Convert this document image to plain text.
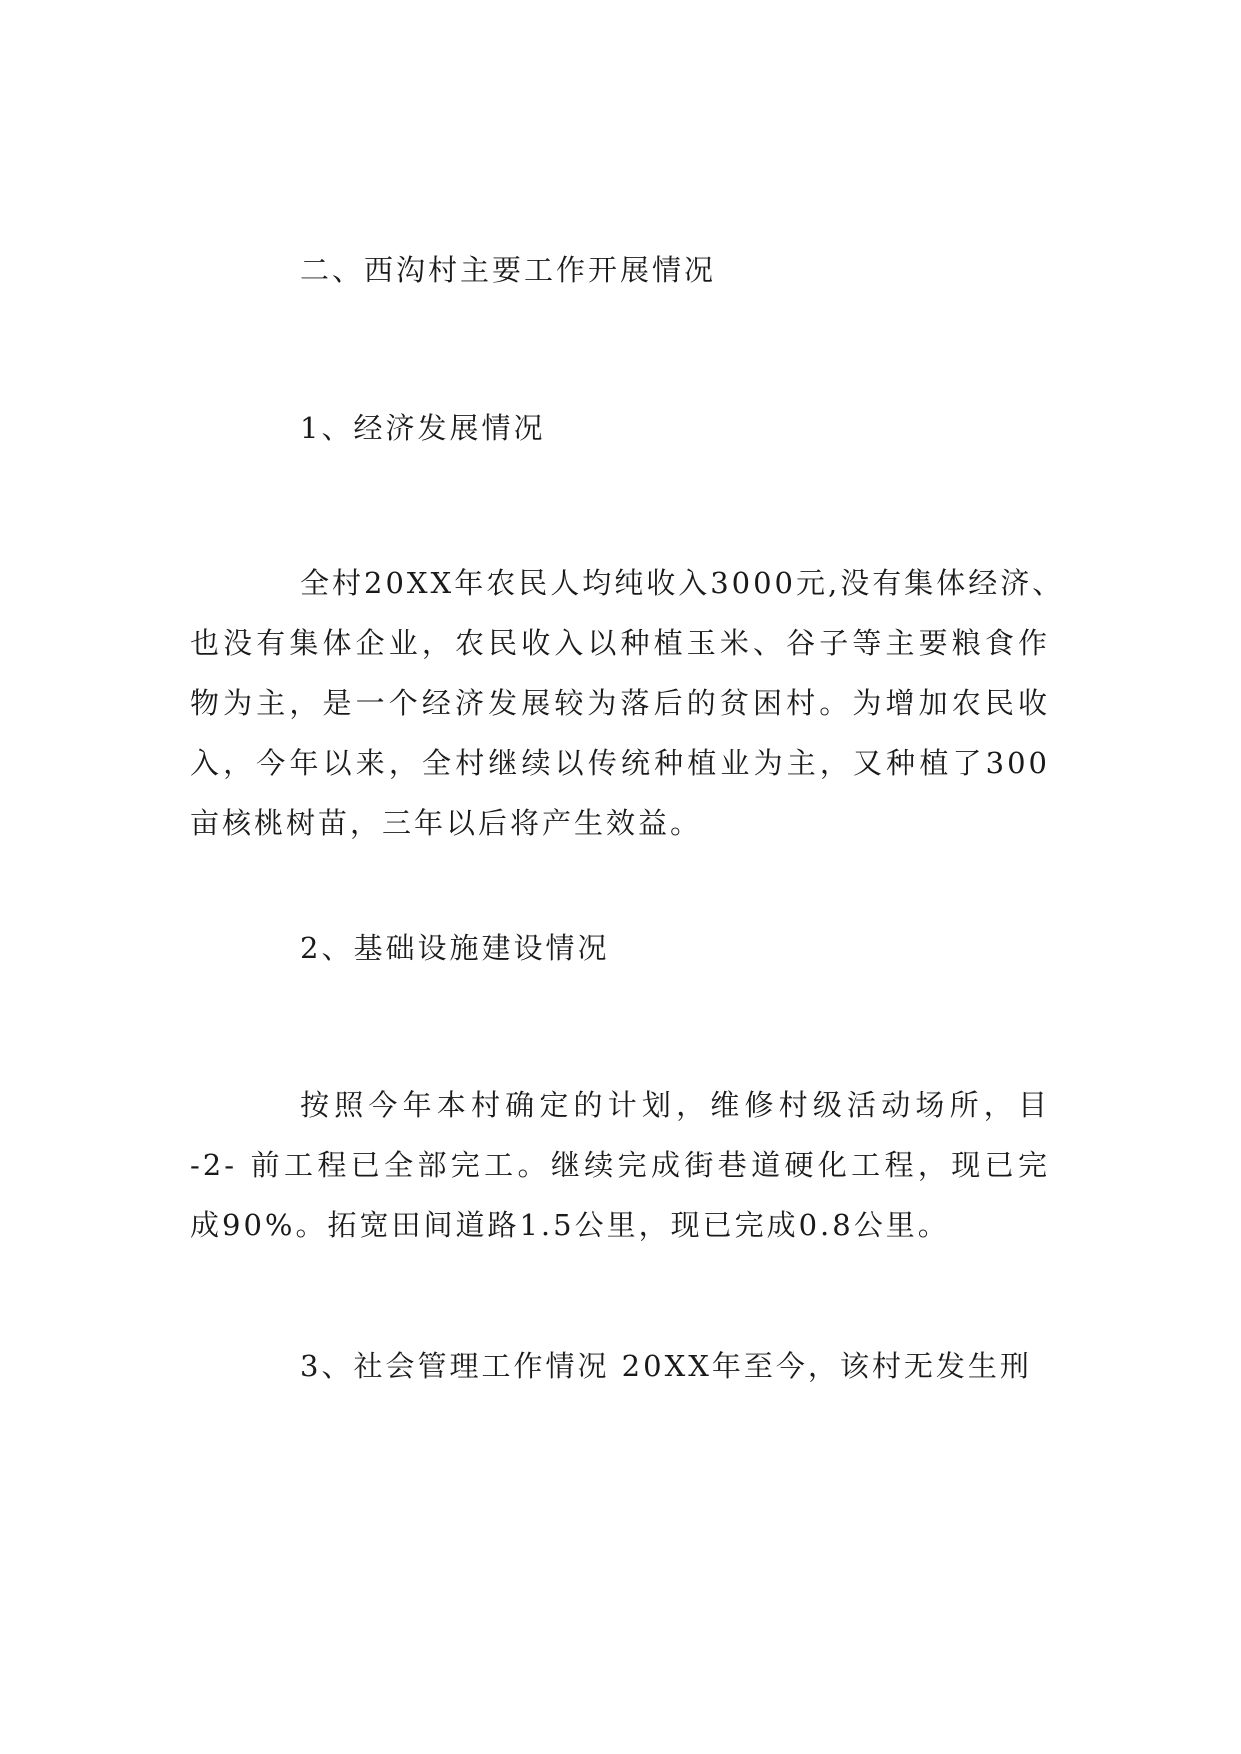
二、西沟村主要工作开展情况
1、经济发展情况
全村20XX年农民人均纯收入3000元,没有集体经济、
也没有集体企业，农民收入以种植玉米、谷子等主要粮食作
物为主，是一个经济发展较为落后的贫困村。为增加农民收
入，今年以来，全村继续以传统种植业为主，又种植了300
亩核桃树苗，三年以后将产生效益。
2、基础设施建设情况
按照今年本村确定的计划，维修村级活动场所，目
-2- 前工程已全部完工。继续完成街巷道硬化工程，现已完
成90%。拓宽田间道路1.5公里，现已完成0.8公里。
3、社会管理工作情况 20XX年至今，该村无发生刑
